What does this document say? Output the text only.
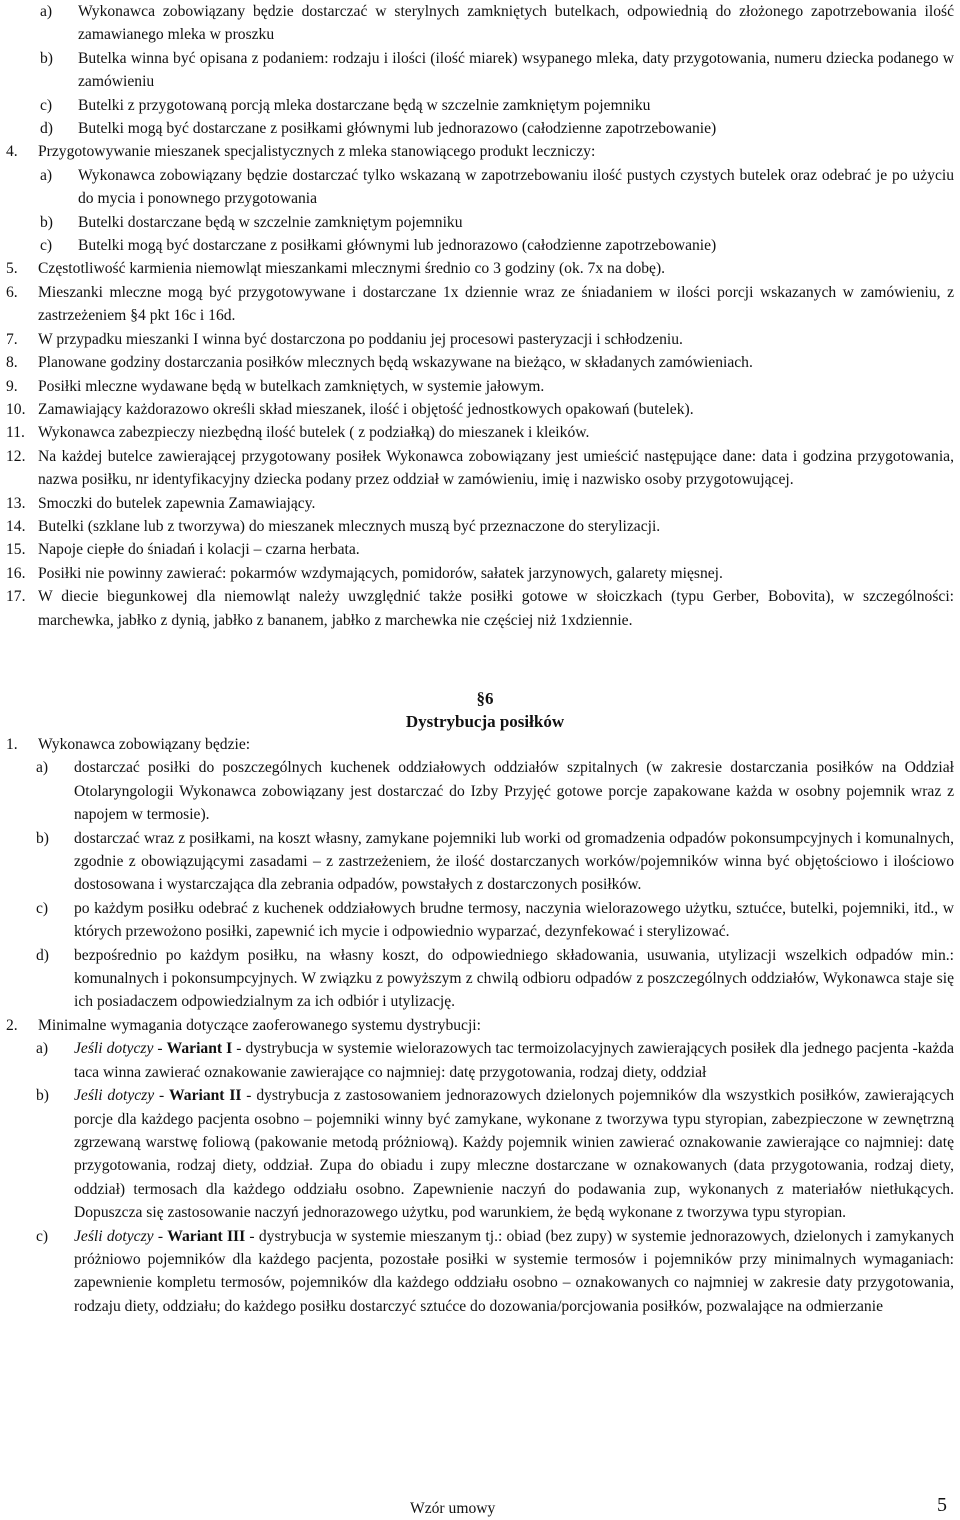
a)	Wykonawca zobowiązany będzie dostarczać w sterylnych zamkniętych butelkach, odpowiednią do złożonego zapotrzebowania ilość zamawianego mleka w proszku
b)	Butelka winna być opisana z podaniem: rodzaju i ilości (ilość miarek) wsypanego mleka, daty przygotowania, numeru dziecka podanego w zamówieniu
c)	Butelki z przygotowaną porcją mleka dostarczane będą w szczelnie zamkniętym pojemniku
d)	Butelki mogą być dostarczane z posiłkami głównymi lub jednorazowo (całodzienne zapotrzebowanie)
4.	Przygotowywanie mieszanek specjalistycznych z mleka stanowiącego produkt leczniczy:
a)	Wykonawca zobowiązany będzie dostarczać tylko wskazaną w zapotrzebowaniu ilość pustych czystych butelek oraz odebrać je po użyciu do mycia i ponownego przygotowania
b)	Butelki dostarczane będą w szczelnie zamkniętym pojemniku
c)	Butelki mogą być dostarczane z posiłkami głównymi lub jednorazowo (całodzienne zapotrzebowanie)
5.	Częstotliwość karmienia niemowląt mieszankami mlecznymi średnio co 3 godziny (ok. 7x na dobę).
6.	Mieszanki mleczne mogą być przygotowywane i dostarczane 1x dziennie wraz ze śniadaniem w ilości porcji wskazanych w zamówieniu, z zastrzeżeniem §4 pkt 16c i 16d.
7.	W przypadku mieszanki I winna być dostarczona po poddaniu jej procesowi pasteryzacji i schłodzeniu.
8.	Planowane godziny dostarczania posiłków mlecznych będą wskazywane na bieżąco, w składanych zamówieniach.
9.	Posiłki mleczne wydawane będą w butelkach zamkniętych, w systemie jałowym.
10. Zamawiający każdorazowo określi skład mieszanek, ilość i objętość jednostkowych opakowań (butelek).
11. Wykonawca zabezpieczy niezbędną ilość butelek ( z podziałką) do mieszanek i kleików.
12. Na każdej butelce zawierającej przygotowany posiłek Wykonawca zobowiązany jest umieścić następujące dane: data i godzina przygotowania, nazwa posiłku, nr identyfikacyjny dziecka podany przez oddział w zamówieniu, imię i nazwisko osoby przygotowującej.
13. Smoczki do butelek zapewnia Zamawiający.
14. Butelki (szklane lub z tworzywa) do mieszanek mlecznych muszą być przeznaczone do sterylizacji.
15. Napoje ciepłe do śniadań i kolacji – czarna herbata.
16. Posiłki nie powinny zawierać: pokarmów wzdymających, pomidorów, sałatek jarzynowych, galarety mięsnej.
17. W diecie biegunkowej dla niemowląt należy uwzględnić także posiłki gotowe w słoiczkach (typu Gerber, Bobovita), w szczególności: marchewka, jabłko z dynią, jabłko z bananem, jabłko z marchewka nie częściej niż 1xdziennie.
§6
Dystrybucja posiłków
1.	Wykonawca zobowiązany będzie:
a)	dostarczać posiłki do poszczególnych kuchenek oddziałowych oddziałów szpitalnych (w zakresie dostarczania posiłków na Oddział Otolaryngologii Wykonawca zobowiązany jest dostarczać do Izby Przyjęć gotowe porcje zapakowane każda w osobny pojemnik wraz z napojem w termosie).
b)	dostarczać wraz z posiłkami, na koszt własny, zamykane pojemniki lub worki od gromadzenia odpadów pokonsumpcyjnych i komunalnych, zgodnie z obowiązującymi zasadami – z zastrzeżeniem, że ilość dostarczanych worków/pojemników winna być objętościowo i ilościowo dostosowana i wystarczająca dla zebrania odpadów, powstałych z dostarczonych posiłków.
c)	po każdym posiłku odebrać z kuchenek oddziałowych brudne termosy, naczynia wielorazowego użytku, sztućce, butelki, pojemniki, itd., w których przewożono posiłki, zapewnić ich mycie i odpowiednio wyparzać, dezynfekować i sterylizować.
d)	bezpośrednio po każdym posiłku, na własny koszt, do odpowiedniego składowania, usuwania, utylizacji wszelkich odpadów min.: komunalnych i pokonsumpcyjnych. W związku z powyższym z chwilą odbioru odpadów z poszczególnych oddziałów, Wykonawca staje się ich posiadaczem odpowiedzialnym za ich odbiór i utylizację.
2.	Minimalne wymagania dotyczące zaoferowanego systemu dystrybucji:
a)	Jeśli dotyczy - Wariant I - dystrybucja w systemie wielorazowych tac termoizolacyjnych zawierających posiłek dla jednego pacjenta -każda taca winna zawierać oznakowanie zawierające co najmniej: datę przygotowania, rodzaj diety, oddział
b)	Jeśli dotyczy - Wariant II - dystrybucja z zastosowaniem jednorazowych dzielonych pojemników dla wszystkich posiłków, zawierających porcje dla każdego pacjenta osobno – pojemniki winny być zamykane, wykonane z tworzywa typu styropian, zabezpieczone w zewnętrzną zgrzewaną warstwę foliową (pakowanie metodą próżniową). Każdy pojemnik winien zawierać oznakowanie zawierające co najmniej: datę przygotowania, rodzaj diety, oddział. Zupa do obiadu i zupy mleczne dostarczane w oznakowanych (data przygotowania, rodzaj diety, oddział) termosach dla każdego oddziału osobno. Zapewnienie naczyń do podawania zup, wykonanych z materiałów nietłukących. Dopuszcza się zastosowanie naczyń jednorazowego użytku, pod warunkiem, że będą wykonane z tworzywa typu styropian.
c)	Jeśli dotyczy - Wariant III - dystrybucja w systemie mieszanym tj.: obiad (bez zupy) w systemie jednorazowych, dzielonych i zamykanych próżniowo pojemników dla każdego pacjenta, pozostałe posiłki w systemie termosów i pojemników przy minimalnych wymaganiach: zapewnienie kompletu termosów, pojemników dla każdego oddziału osobno – oznakowanych co najmniej w zakresie daty przygotowania, rodzaju diety, oddziału; do każdego posiłku dostarczyć sztućce do dozowania/porcjowania posiłków, pozwalające na odmierzanie
Wzór umowy	5
